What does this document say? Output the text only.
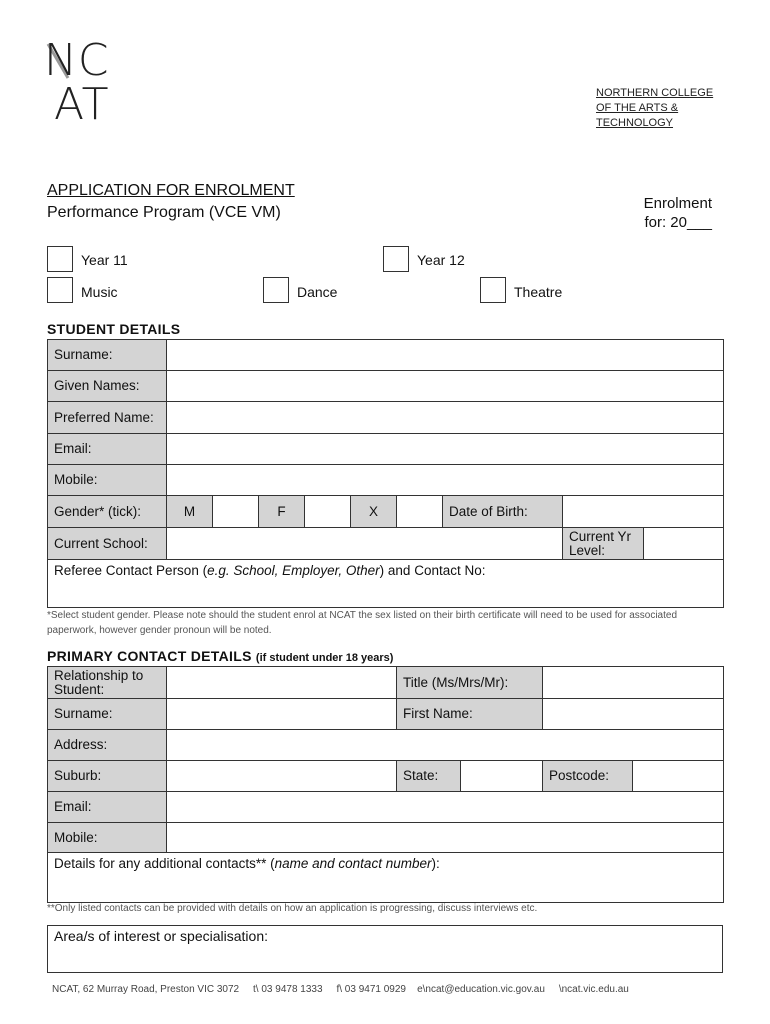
NC
AT	NORTHERN COLLEGE
OF THE ARTS &
TECHNOLOGY
APPLICATION FOR ENROLMENT
Performance Program (VCE VM)
Enrolment
for: 20___
Year 11	Year 12
Music	Dance	Theatre
STUDENT DETAILS
Surname:									
Given Names:									
Preferred Name:									
Email:									
Mobile:									
Gender* (tick):	M		F		X		Date of Birth:		
Current School:								Current Yr Level:	
Referee Contact Person (e.g. School, Employer, Other) and Contact No:									
*Select student gender. Please note should the student enrol at NCAT the sex listed on their birth certificate will need to be used for associated paperwork, however gender pronoun will be noted.
PRIMARY CONTACT DETAILS (if student under 18 years)
Relationship to Student:		Title (Ms/Mrs/Mr):			
Surname:		First Name:			
Address:					
Suburb:		State:		Postcode:	
Email:					
Mobile:					
Details for any additional contacts** (name and contact number):					
**Only listed contacts can be provided with details on how an application is progressing, discuss interviews etc.
Area/s of interest or specialisation:
NCAT, 62 Murray Road, Preston VIC 3072 t\ 03 9478 1333 f\ 03 9471 0929 e\ncat@education.vic.gov.au \ncat.vic.edu.au
